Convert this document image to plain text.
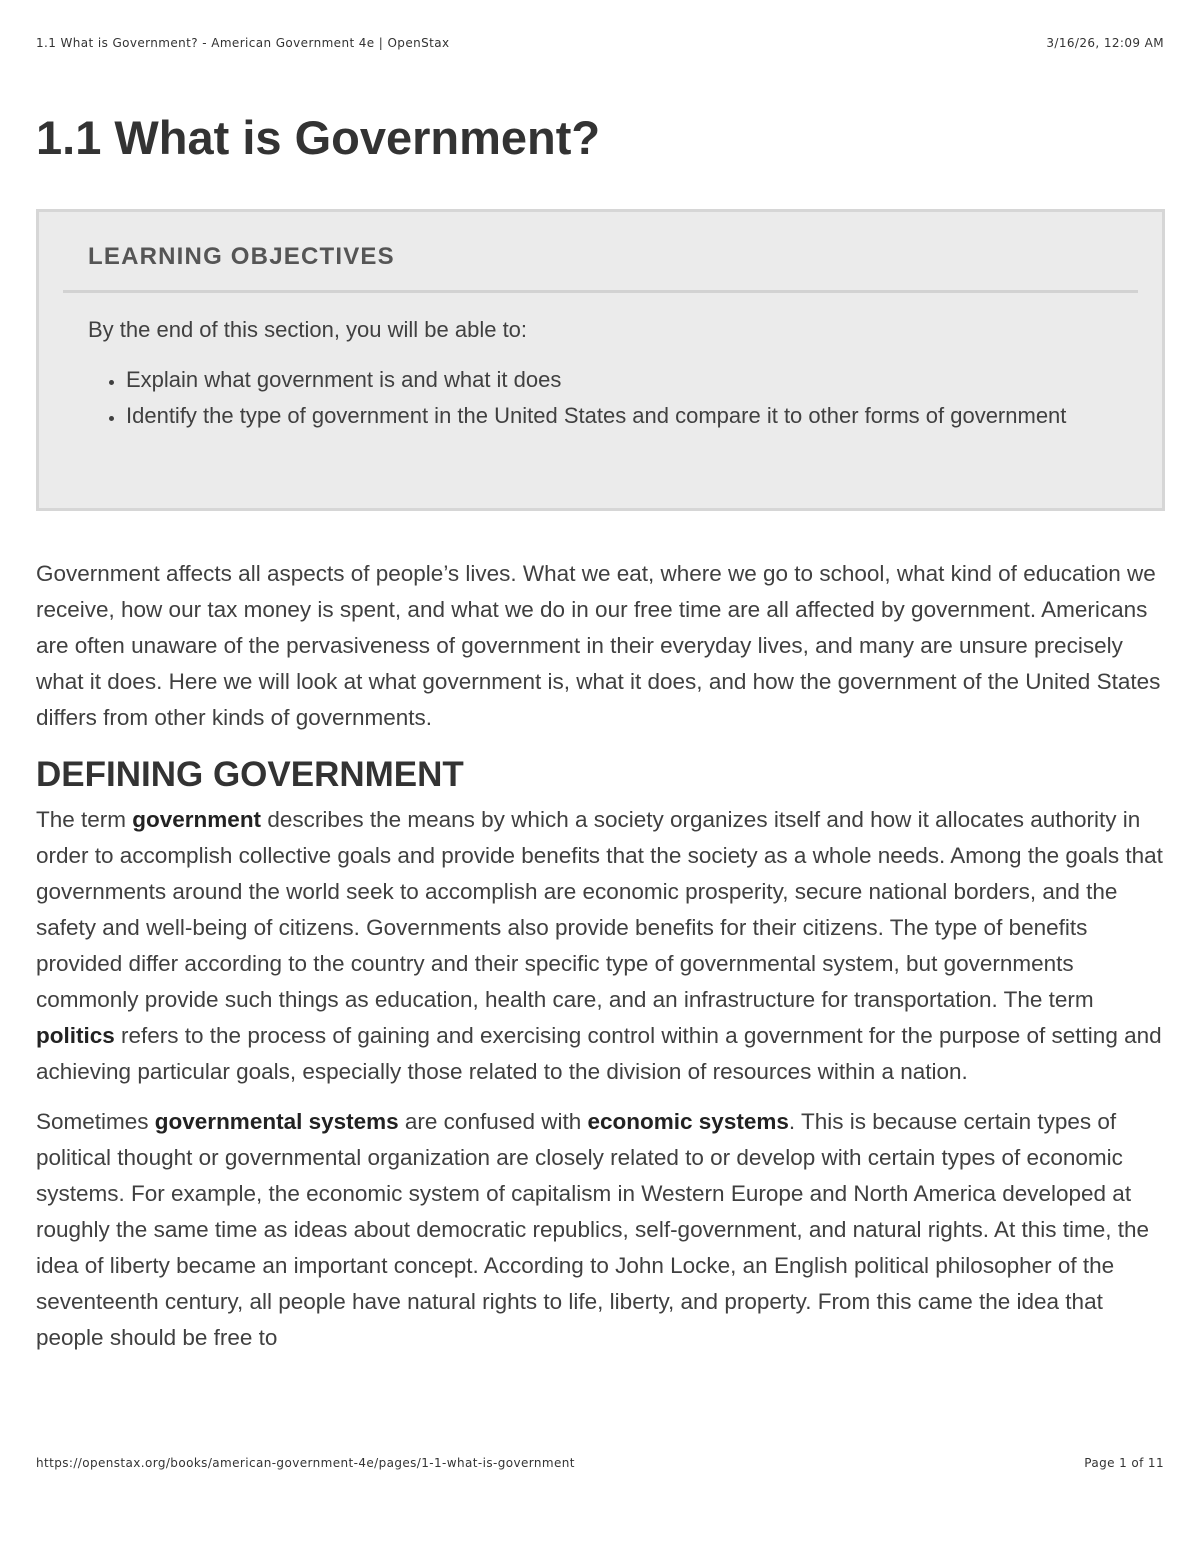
1.1 What is Government? - American Government 4e | OpenStax	3/16/26, 12:09 AM
1.1 What is Government?
LEARNING OBJECTIVES

By the end of this section, you will be able to:

• Explain what government is and what it does
• Identify the type of government in the United States and compare it to other forms of government

Government affects all aspects of people’s lives. What we eat, where we go to school, what kind of education we receive, how our tax money is spent, and what we do in our free time are all affected by government. Americans are often unaware of the pervasiveness of government in their everyday lives, and many are unsure precisely what it does. Here we will look at what government is, what it does, and how the government of the United States differs from other kinds of governments.

DEFINING GOVERNMENT

The term government describes the means by which a society organizes itself and how it allocates authority in order to accomplish collective goals and provide benefits that the society as a whole needs. Among the goals that governments around the world seek to accomplish are economic prosperity, secure national borders, and the safety and well-being of citizens. Governments also provide benefits for their citizens. The type of benefits provided differ according to the country and their specific type of governmental system, but governments commonly provide such things as education, health care, and an infrastructure for transportation. The term politics refers to the process of gaining and exercising control within a government for the purpose of setting and achieving particular goals, especially those related to the division of resources within a nation.

Sometimes governmental systems are confused with economic systems. This is because certain types of political thought or governmental organization are closely related to or develop with certain types of economic systems. For example, the economic system of capitalism in Western Europe and North America developed at roughly the same time as ideas about democratic republics, self-government, and natural rights. At this time, the idea of liberty became an important concept. According to John Locke, an English political philosopher of the seventeenth century, all people have natural rights to life, liberty, and property. From this came the idea that people should be free to

https://openstax.org/books/american-government-4e/pages/1-1-what-is-government	Page 1 of 11
